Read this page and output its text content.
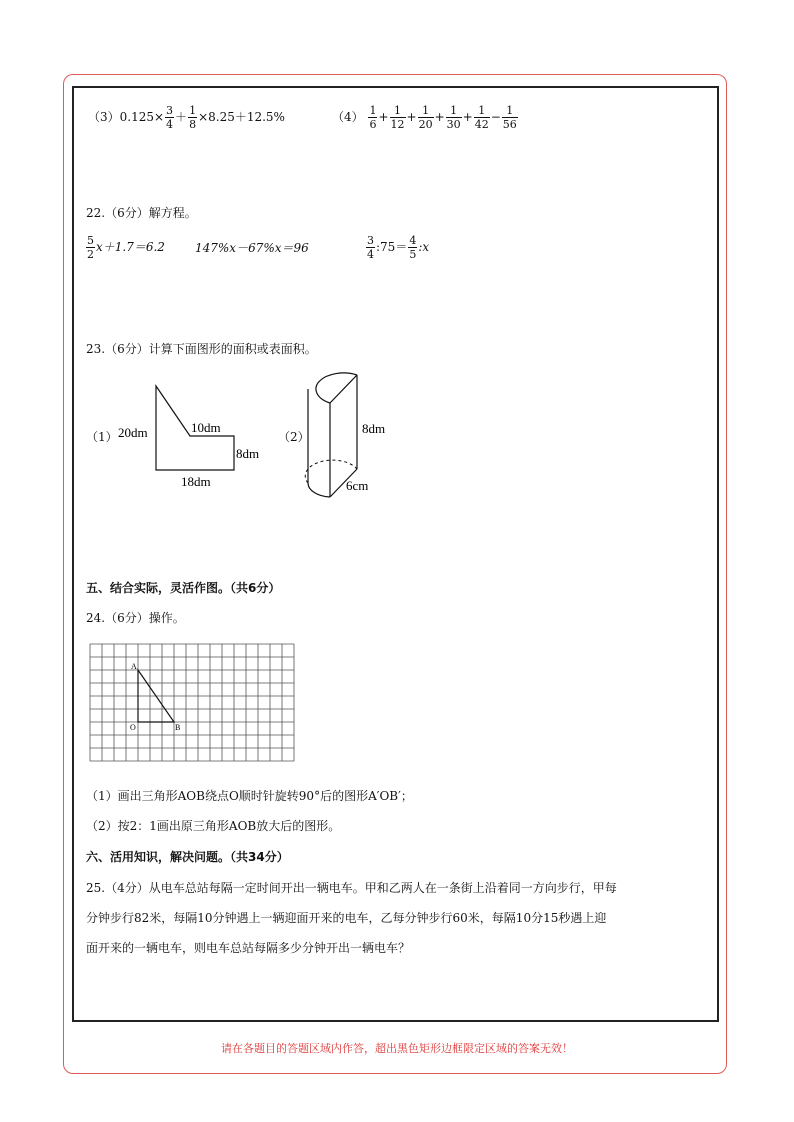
$(3)0.125\times \frac{3}{4} + \frac{1}{8} \times 8.25+12.5\%$	$(4) \frac{1}{6} + \frac{1}{12} + \frac{1}{20} + \frac{1}{30} + \frac{1}{42} - \frac{1}{56}$
22.（6分）解方程。
$\frac{5}{2} x+1.7=6.2$	147%x－67%x＝96	$\frac{3}{4}$ :75＝ $\frac{4}{5}$ :x
23.（6分）计算下面图形的面积或表面积。
（1） 20dm	10dm
8dm
18dm
（2）
8dm
6cm
五、结合实际，灵活作图。（共6分）
24.（6分）操作。
A
O	B
（1）画出三角形AOB绕点O顺时针旋转90°后的图形A′OB′；
（2）按2：1画出原三角形AOB放大后的图形。
六、活用知识，解决问题。（共34分）
25.（4分）从电车总站每隔一定时间开出一辆电车。甲和乙两人在一条街上沿着同一方向步行，甲每
分钟步行82米，每隔10分钟遇上一辆迎面开来的电车，乙每分钟步行60米，每隔10分15秒遇上迎
面开来的一辆电车，则电车总站每隔多少分钟开出一辆电车？
请在各题目的答题区域内作答，超出黑色矩形边框限定区域的答案无效！
